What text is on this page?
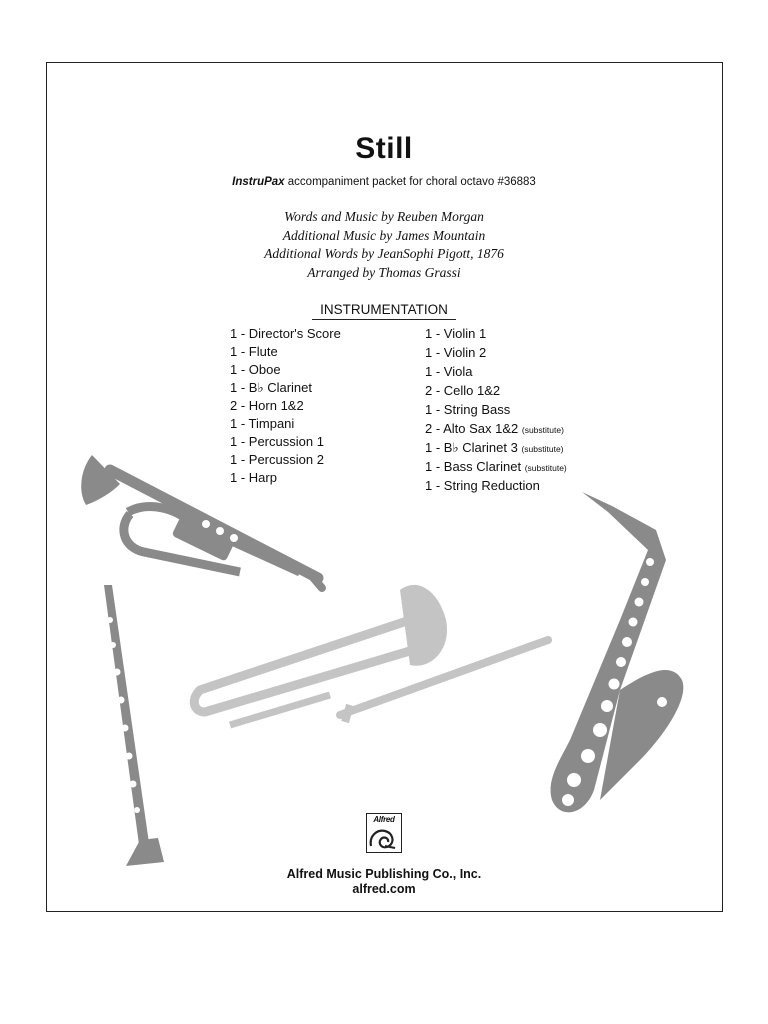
Still
InstruPax accompaniment packet for choral octavo #36883
Words and Music by Reuben Morgan
Additional Music by James Mountain
Additional Words by JeanSophi Pigott, 1876
Arranged by Thomas Grassi
INSTRUMENTATION
1 - Director's Score
1 - Flute
1 - Oboe
1 - B♭ Clarinet
2 - Horn 1&2
1 - Timpani
1 - Percussion 1
1 - Percussion 2
1 - Harp
1 - Violin 1
1 - Violin 2
1 - Viola
2 - Cello 1&2
1 - String Bass
2 - Alto Sax 1&2 (substitute)
1 - B♭ Clarinet 3 (substitute)
1 - Bass Clarinet (substitute)
1 - String Reduction
Alfred
Alfred Music Publishing Co., Inc.
alfred.com
